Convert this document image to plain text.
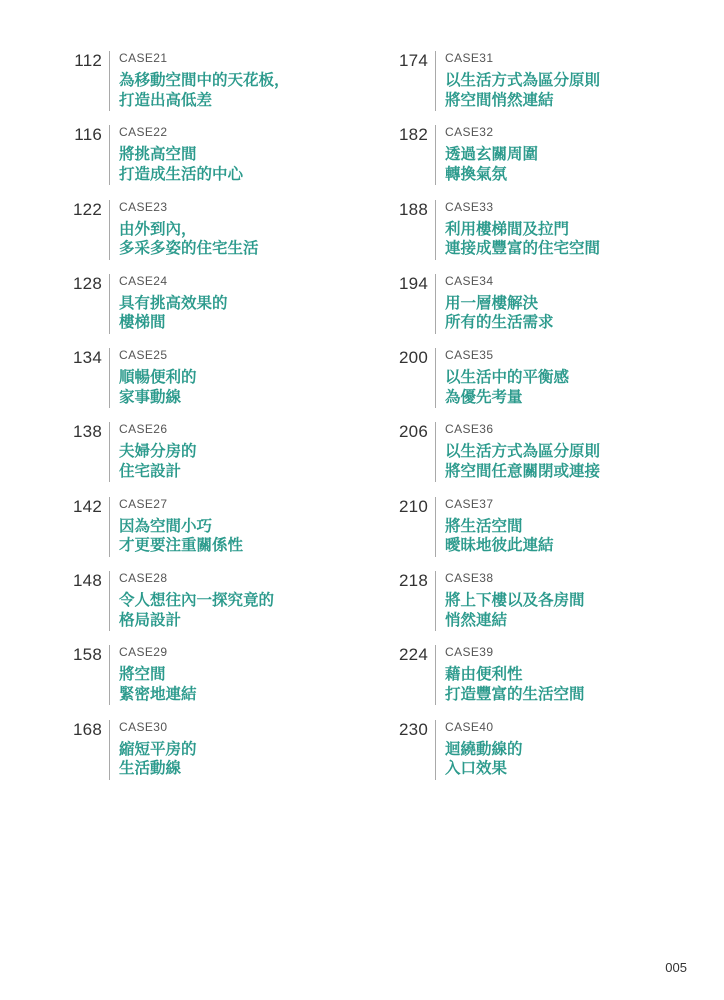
112 CASE21
為移動空間中的天花板，
打造出高低差
116 CASE22
將挑高空間
打造成生活的中心
122 CASE23
由外到內，
多采多姿的住宅生活
128 CASE24
具有挑高效果的
樓梯間
134 CASE25
順暢便利的
家事動線
138 CASE26
夫婦分房的
住宅設計
142 CASE27
因為空間小巧
才更要注重關係性
148 CASE28
令人想往內一探究竟的
格局設計
158 CASE29
將空間
緊密地連結
168 CASE30
縮短平房的
生活動線
174 CASE31
以生活方式為區分原則
將空間悄然連結
182 CASE32
透過玄關周圍
轉換氣氛
188 CASE33
利用樓梯間及拉門
連接成豐富的住宅空間
194 CASE34
用一層樓解決
所有的生活需求
200 CASE35
以生活中的平衡感
為優先考量
206 CASE36
以生活方式為區分原則
將空間任意關閉或連接
210 CASE37
將生活空間
曖昧地彼此連結
218 CASE38
將上下樓以及各房間
悄然連結
224 CASE39
藉由便利性
打造豐富的生活空間
230 CASE40
迴繞動線的
入口效果
005
